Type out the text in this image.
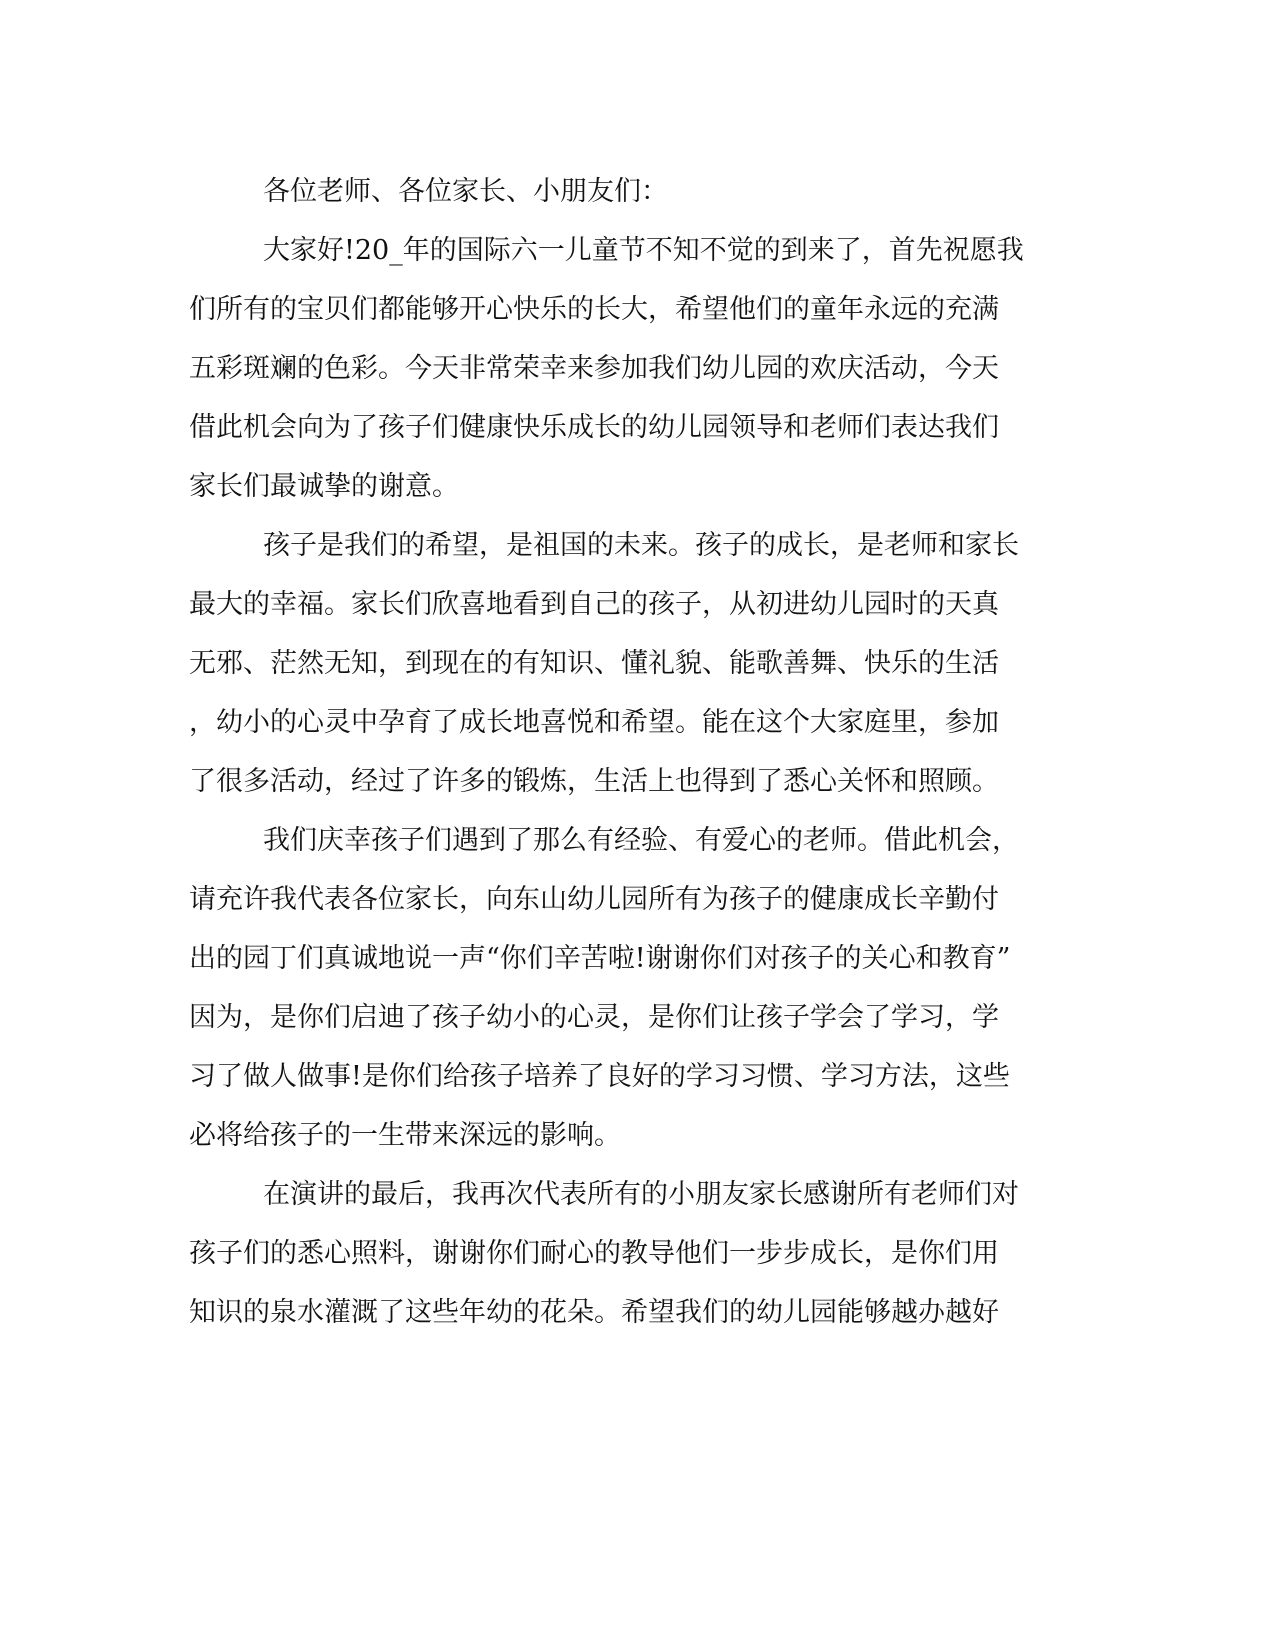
各位老师、各位家长、小朋友们：
大家好!20_年的国际六一儿童节不知不觉的到来了，首先祝愿我
们所有的宝贝们都能够开心快乐的长大，希望他们的童年永远的充满
五彩斑斓的色彩。今天非常荣幸来参加我们幼儿园的欢庆活动，今天
借此机会向为了孩子们健康快乐成长的幼儿园领导和老师们表达我们
家长们最诚挚的谢意。
孩子是我们的希望，是祖国的未来。孩子的成长，是老师和家长
最大的幸福。家长们欣喜地看到自己的孩子，从初进幼儿园时的天真
无邪、茫然无知，到现在的有知识、懂礼貌、能歌善舞、快乐的生活
，幼小的心灵中孕育了成长地喜悦和希望。能在这个大家庭里，参加
了很多活动，经过了许多的锻炼，生活上也得到了悉心关怀和照顾。
我们庆幸孩子们遇到了那么有经验、有爱心的老师。借此机会，
请充许我代表各位家长，向东山幼儿园所有为孩子的健康成长辛勤付
出的园丁们真诚地说一声“你们辛苦啦!谢谢你们对孩子的关心和教育”
因为，是你们启迪了孩子幼小的心灵，是你们让孩子学会了学习，学
习了做人做事!是你们给孩子培养了良好的学习习惯、学习方法，这些
必将给孩子的一生带来深远的影响。
在演讲的最后，我再次代表所有的小朋友家长感谢所有老师们对
孩子们的悉心照料，谢谢你们耐心的教导他们一步步成长，是你们用
知识的泉水灌溉了这些年幼的花朵。希望我们的幼儿园能够越办越好
